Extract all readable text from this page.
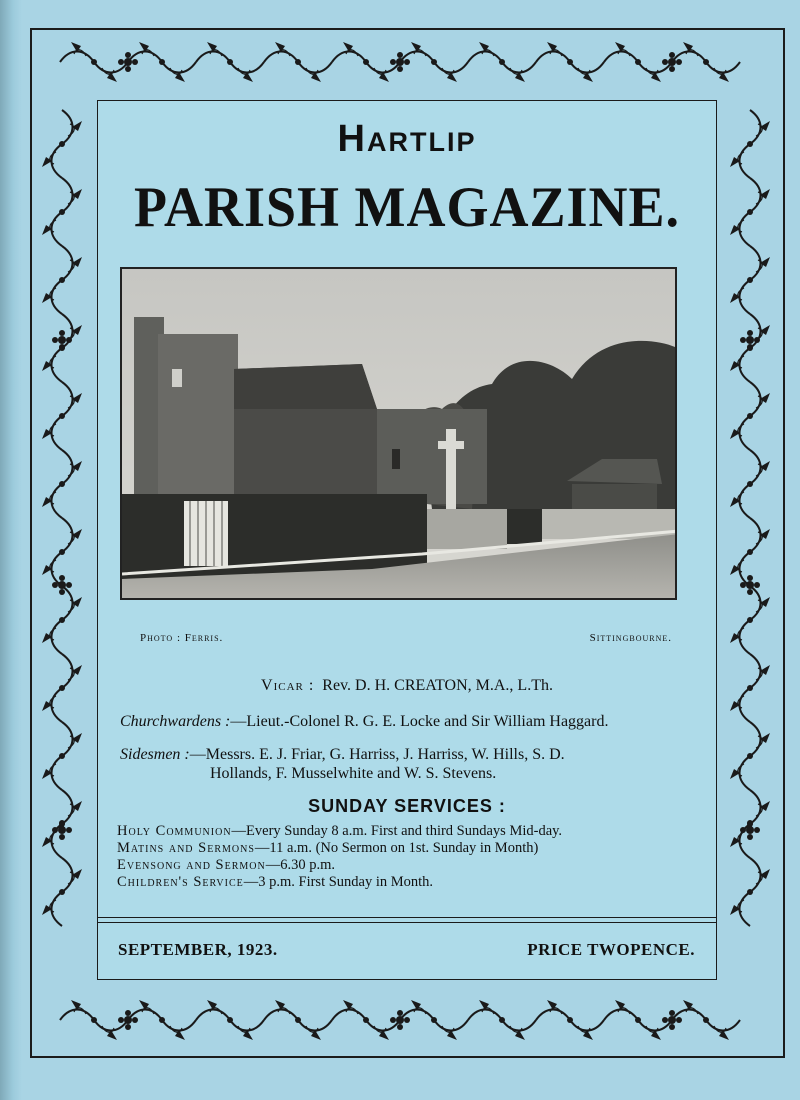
Hartlip
PARISH MAGAZINE.
Photo : Ferris.	Sittingbourne.
Vicar : Rev. D. H. CREATON, M.A., L.Th.
Churchwardens :—Lieut.-Colonel R. G. E. Locke and Sir William Haggard.
Sidesmen :—Messrs. E. J. Friar, G. Harriss, J. Harriss, W. Hills, S. D.
Hollands, F. Musselwhite and W. S. Stevens.
SUNDAY SERVICES :
Holy Communion—Every Sunday 8 a.m. First and third Sundays Mid-day.
Matins and Sermons—11 a.m. (No Sermon on 1st. Sunday in Month)
Evensong and Sermon—6.30 p.m.
Children's Service—3 p.m. First Sunday in Month.
SEPTEMBER, 1923.	PRICE TWOPENCE.
